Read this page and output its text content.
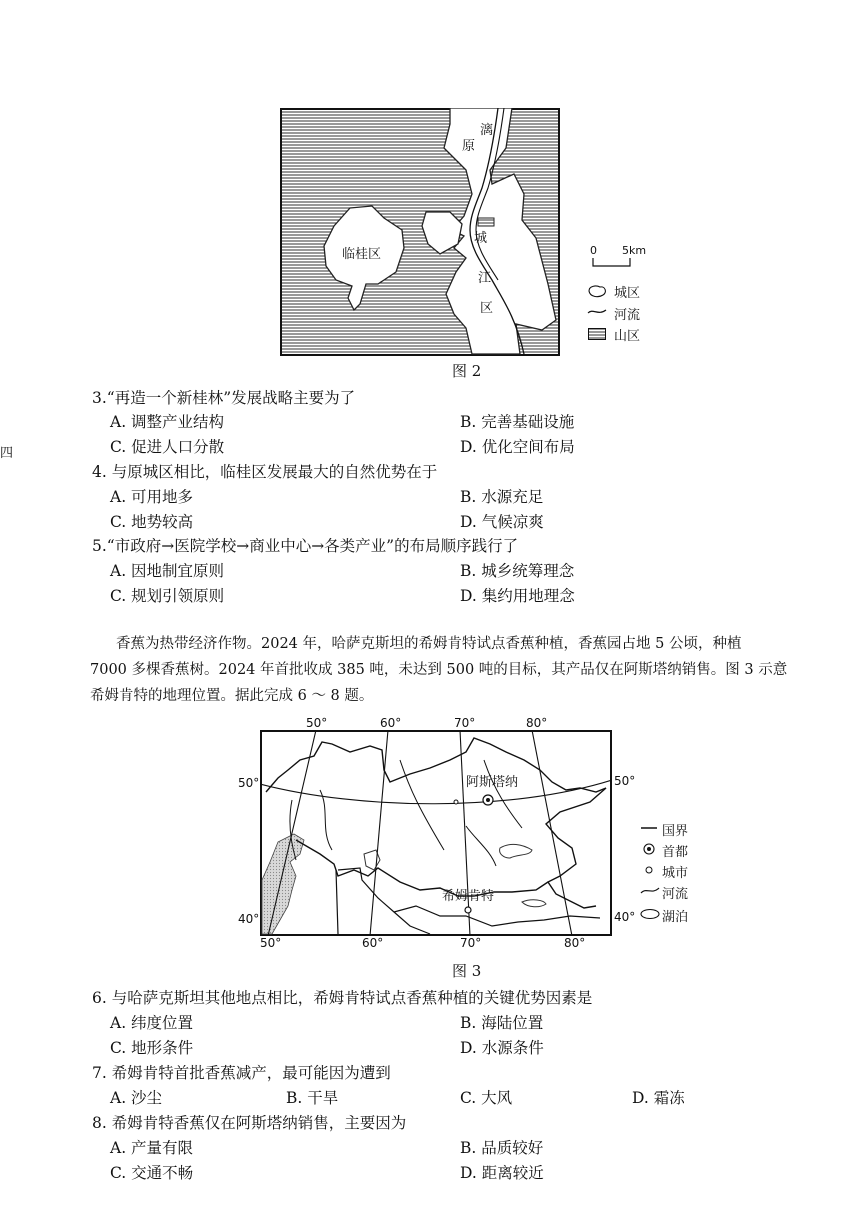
四
漓
原
城
江
区
临桂区	0 5km
城区
河流
山区
图 2
3.“再造一个新桂林”发展战略主要为了
A. 调整产业结构	B. 完善基础设施
C. 促进人口分散	D. 优化空间布局
4. 与原城区相比，临桂区发展最大的自然优势在于
A. 可用地多	B. 水源充足
C. 地势较高	D. 气候凉爽
5.“市政府→医院学校→商业中心→各类产业”的布局顺序践行了
A. 因地制宜原则	B. 城乡统筹理念
C. 规划引领原则	D. 集约用地理念
香蕉为热带经济作物。2024 年，哈萨克斯坦的希姆肯特试点香蕉种植，香蕉园占地 5 公顷，种植
7000 多棵香蕉树。2024 年首批收成 385 吨，未达到 500 吨的目标，其产品仅在阿斯塔纳销售。图 3 示意
希姆肯特的地理位置。据此完成 6 ～ 8 题。
50°	60°	70°	80°
阿斯塔纳
希姆肯特
50°	50°
40°	40°
50°	60°	70°	80°
国界
首都
城市
河流
湖泊
图 3
6. 与哈萨克斯坦其他地点相比，希姆肯特试点香蕉种植的关键优势因素是
A. 纬度位置	B. 海陆位置
C. 地形条件	D. 水源条件
7. 希姆肯特首批香蕉减产，最可能因为遭到
A. 沙尘	B. 干旱	C. 大风	D. 霜冻
8. 希姆肯特香蕉仅在阿斯塔纳销售，主要因为
A. 产量有限	B. 品质较好
C. 交通不畅	D. 距离较近
